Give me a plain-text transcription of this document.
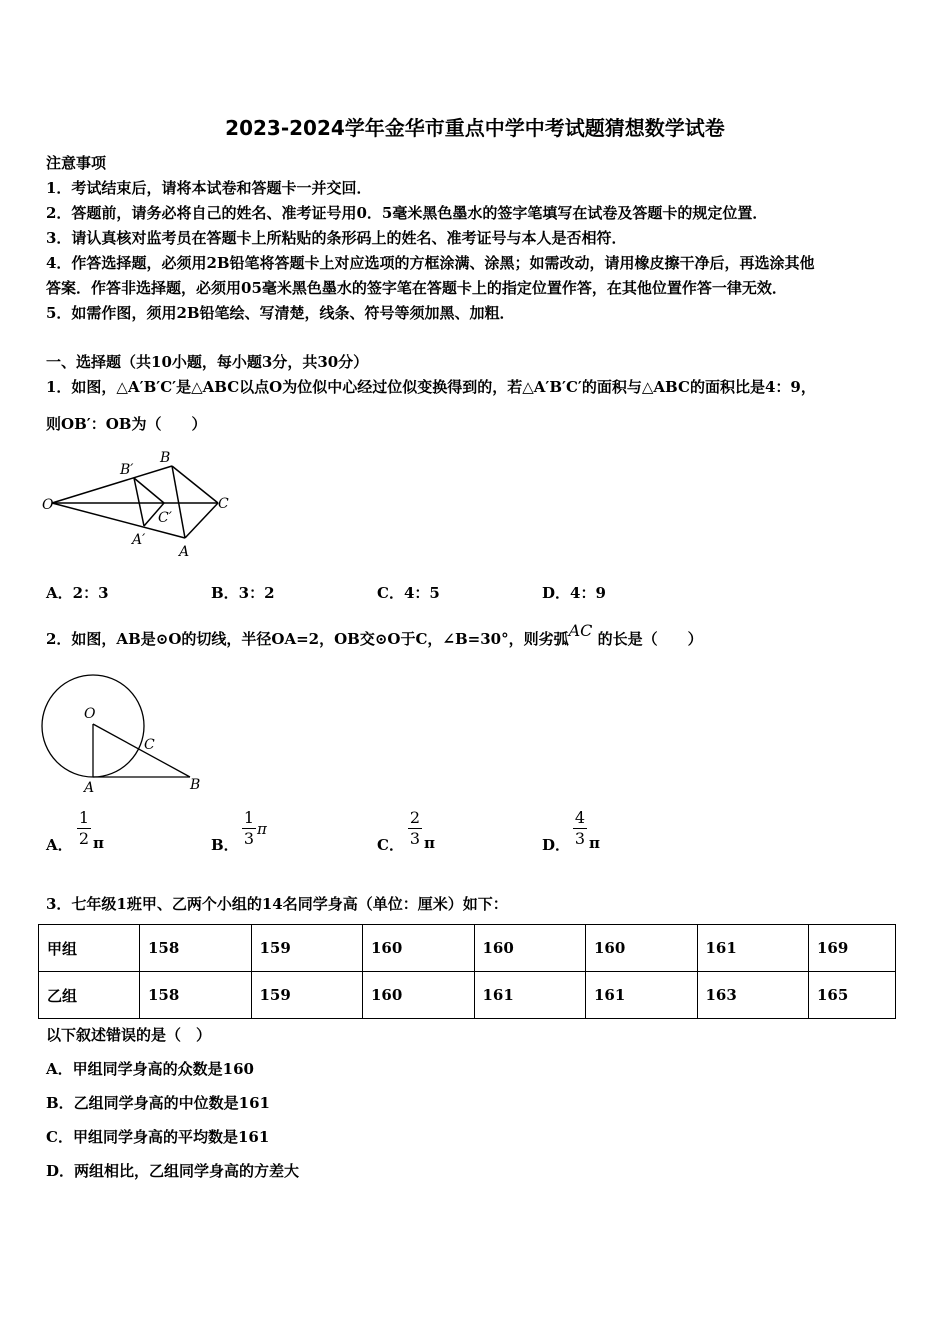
2023-2024学年金华市重点中学中考试题猜想数学试卷
注意事项
1．考试结束后，请将本试卷和答题卡一并交回．
2．答题前，请务必将自己的姓名、准考证号用0．5毫米黑色墨水的签字笔填写在试卷及答题卡的规定位置．
3．请认真核对监考员在答题卡上所粘贴的条形码上的姓名、准考证号与本人是否相符．
4．作答选择题，必须用2B铅笔将答题卡上对应选项的方框涂满、涂黑；如需改动，请用橡皮擦干净后，再选涂其他
答案．作答非选择题，必须用05毫米黑色墨水的签字笔在答题卡上的指定位置作答，在其他位置作答一律无效．
5．如需作图，须用2B铅笔绘、写清楚，线条、符号等须加黑、加粗．
一、选择题（共10小题，每小题3分，共30分）
1．如图，△A′B′C′是△ABC以点O为位似中心经过位似变换得到的，若△A′B′C′的面积与△ABC的面积比是4：9，
则OB′：OB为（　　）
O
B′
B
C
C′
A′
A
A．2：3	B．3：2	C．4：5	D．4：9
2．如图，AB是⊙O的切线，半径OA=2，OB交⊙O于C，∠B=30°，则劣弧AC 的长是（　　）
O
C
A	B
A． $\frac{1}{2}$ π	B． $\frac{1}{3}$ π
C． $\frac{2}{3}$ π	D． $\frac{4}{3}$ π
3．七年级1班甲、乙两个小组的14名同学身高（单位：厘米）如下：
甲组	158	159	160	160	160	161	169
乙组	158	159	160	161	161	163	165
以下叙述错误的是（　）
A．甲组同学身高的众数是160
B．乙组同学身高的中位数是161
C．甲组同学身高的平均数是161
D．两组相比，乙组同学身高的方差大
